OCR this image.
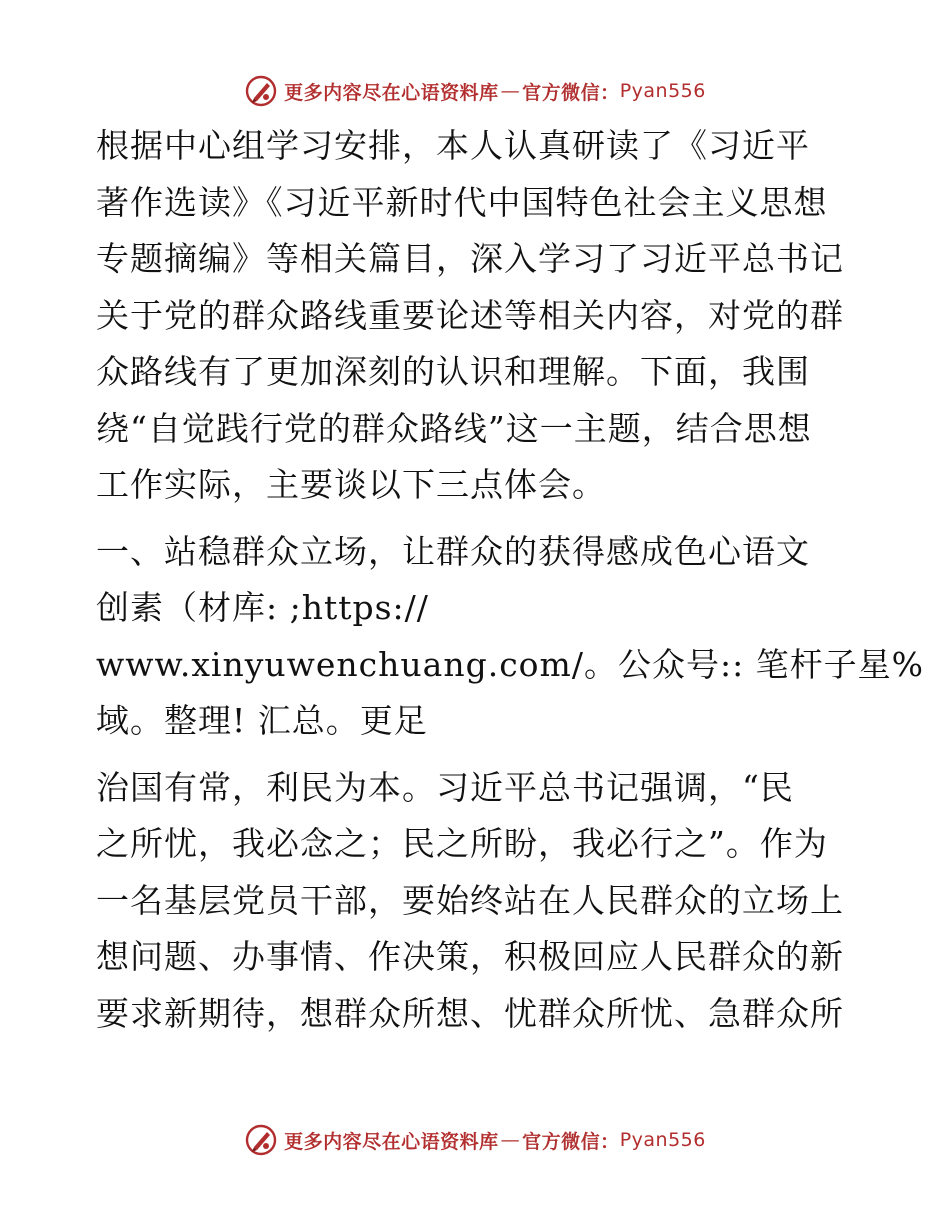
更多内容尽在心语资料库 — 官方微信： Pyan556

根据中心组学习安排，本人认真研读了《习近平
著作选读》《习近平新时代中国特色社会主义思想
专题摘编》等相关篇目，深入学习了习近平总书记
关于党的群众路线重要论述等相关内容，对党的群
众路线有了更加深刻的认识和理解。下面，我围
绕“自觉践行党的群众路线”这一主题，结合思想
工作实际，主要谈以下三点体会。

一、站稳群众立场，让群众的获得感成色心语文
创素（材库: ;https://
www.xinyuwenchuang.com/。公众号:: 笔杆子星%
域。整理! 汇总。更足

治国有常，利民为本。习近平总书记强调，“民
之所忧，我必念之；民之所盼，我必行之”。作为
一名基层党员干部，要始终站在人民群众的立场上
想问题、办事情、作决策，积极回应人民群众的新
要求新期待，想群众所想、忧群众所忧、急群众所

更多内容尽在心语资料库 — 官方微信： Pyan556
